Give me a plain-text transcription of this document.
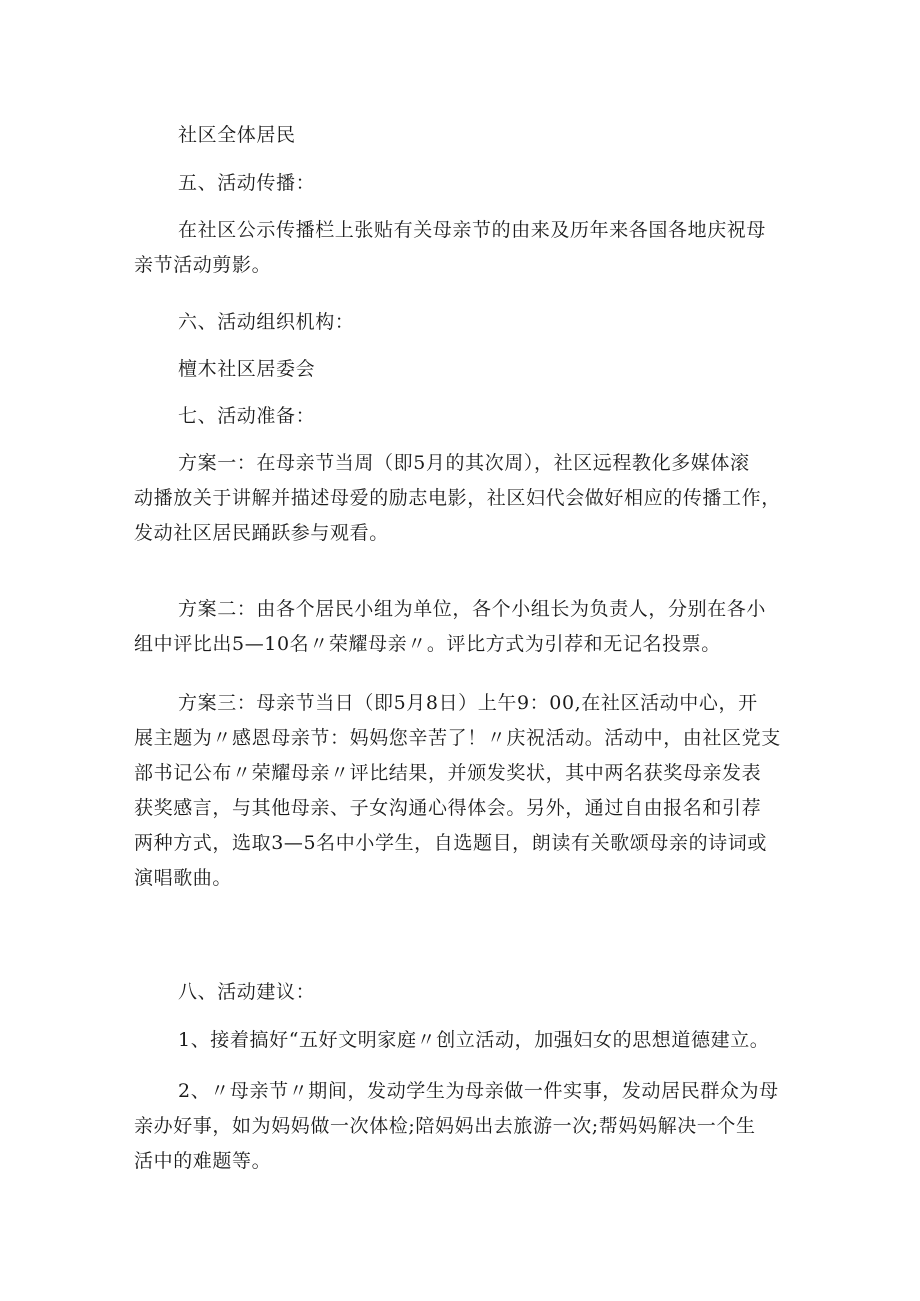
社区全体居民
五、活动传播：
在社区公示传播栏上张贴有关母亲节的由来及历年来各国各地庆祝母
亲节活动剪影。
六、活动组织机构：
檀木社区居委会
七、活动准备：
方案一：在母亲节当周（即5月的其次周），社区远程教化多媒体滚
动播放关于讲解并描述母爱的励志电影，社区妇代会做好相应的传播工作，
发动社区居民踊跃参与观看。
方案二：由各个居民小组为单位，各个小组长为负责人，分别在各小
组中评比出5—10名〃荣耀母亲〃。评比方式为引荐和无记名投票。
方案三：母亲节当日（即5月8日）上午9：00,在社区活动中心，开
展主题为〃感恩母亲节：妈妈您辛苦了！〃庆祝活动。活动中，由社区党支
部书记公布〃荣耀母亲〃评比结果，并颁发奖状，其中两名获奖母亲发表
获奖感言，与其他母亲、子女沟通心得体会。另外，通过自由报名和引荐
两种方式，选取3—5名中小学生，自选题目，朗读有关歌颂母亲的诗词或
演唱歌曲。
八、活动建议：
1、接着搞好“五好文明家庭〃创立活动，加强妇女的思想道德建立。
2、〃母亲节〃期间，发动学生为母亲做一件实事，发动居民群众为母
亲办好事，如为妈妈做一次体检;陪妈妈出去旅游一次;帮妈妈解决一个生
活中的难题等。
